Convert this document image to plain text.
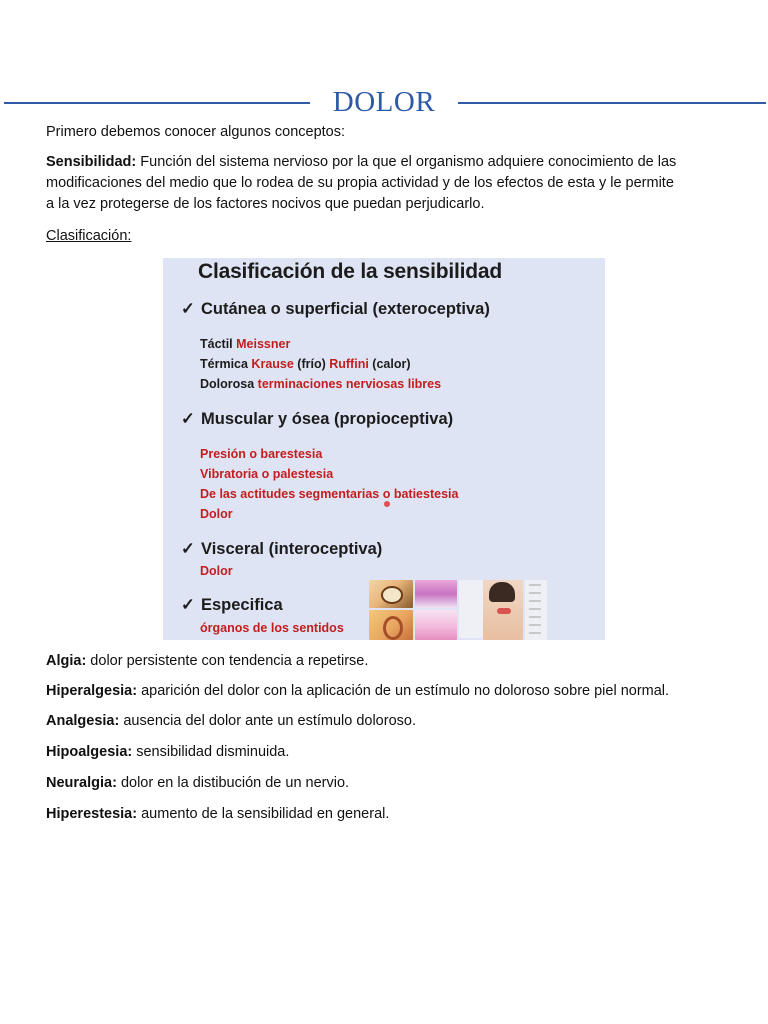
DOLOR
Primero debemos conocer algunos conceptos:
Sensibilidad: Función del sistema nervioso por la que el organismo adquiere conocimiento de las
modificaciones del medio que lo rodea de su propia actividad y de los efectos de esta y le permite
a la vez protegerse de los factores nocivos que puedan perjudicarlo.
Clasificación:
Clasificación de la sensibilidad
✓ Cutánea o superficial (exteroceptiva)
Táctil Meissner
Térmica Krause (frío) Ruffini (calor)
Dolorosa terminaciones nerviosas libres
✓ Muscular y ósea (propioceptiva)
Presión o barestesia
Vibratoria o palestesia
De las actitudes segmentarias o batiestesia
Dolor
✓ Visceral (interoceptiva)
Dolor
✓ Especifica
órganos de los sentidos
Algia: dolor persistente con tendencia a repetirse.
Hiperalgesia: aparición del dolor con la aplicación de un estímulo no doloroso sobre piel normal.
Analgesia: ausencia del dolor ante un estímulo doloroso.
Hipoalgesia: sensibilidad disminuida.
Neuralgia: dolor en la distibución de un nervio.
Hiperestesia: aumento de la sensibilidad en general.
